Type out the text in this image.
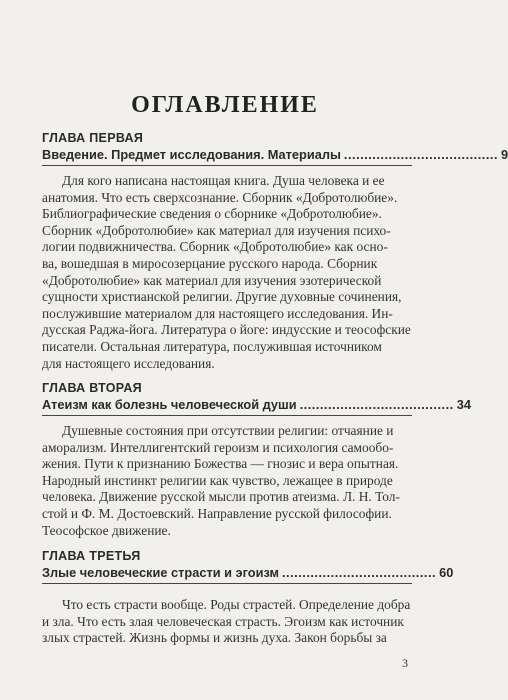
ОГЛАВЛЕНИЕ
ГЛАВА ПЕРВАЯ
Введение. Предмет исследования. Материалы ...................................... 9
Для кого написана настоящая книга. Душа человека и ее
анатомия. Что есть сверхсознание. Сборник «Добротолюбие».
Библиографические сведения о сборнике «Добротолюбие».
Сборник «Добротолюбие» как материал для изучения психо-
логии подвижничества. Сборник «Добротолюбие» как осно-
ва, вошедшая в миросозерцание русского народа. Сборник
«Добротолюбие» как материал для изучения эзотерической
сущности христианской религии. Другие духовные сочинения,
послужившие материалом для настоящего исследования. Ин-
дусская Раджа-йога. Литература о йоге: индусские и теософские
писатели. Остальная литература, послужившая источником
для настоящего исследования.
ГЛАВА ВТОРАЯ
Атеизм как болезнь человеческой души ...................................... 34
Душевные состояния при отсутствии религии: отчаяние и
аморализм. Интеллигентский героизм и психология самообо-
жения. Пути к признанию Божества — гнозис и вера опытная.
Народный инстинкт религии как чувство, лежащее в природе
человека. Движение русской мысли против атеизма. Л. Н. Тол-
стой и Ф. М. Достоевский. Направление русской философии.
Теософское движение.
ГЛАВА ТРЕТЬЯ
Злые человеческие страсти и эгоизм ...................................... 60
Что есть страсти вообще. Роды страстей. Определение добра
и зла. Что есть злая человеческая страсть. Эгоизм как источник
злых страстей. Жизнь формы и жизнь духа. Закон борьбы за
3
